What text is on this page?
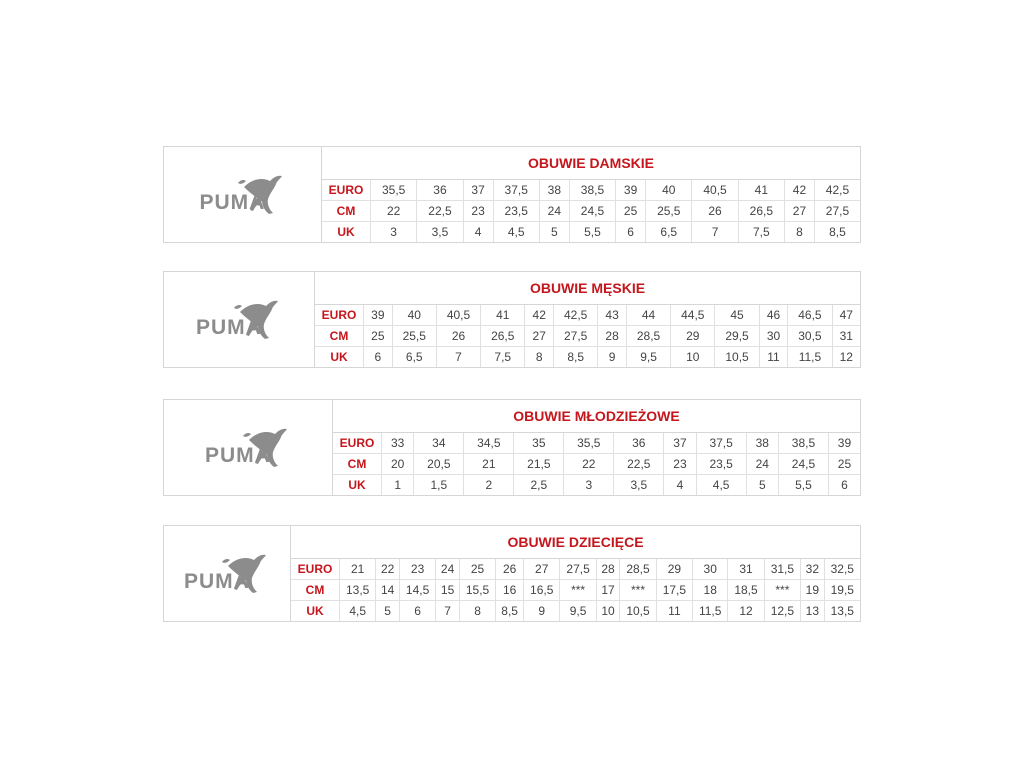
PUMA
OBUWIE DAMSKIE
EURO	35,5	36	37	37,5	38	38,5	39	40	40,5	41	42	42,5
CM	22	22,5	23	23,5	24	24,5	25	25,5	26	26,5	27	27,5
UK	3	3,5	4	4,5	5	5,5	6	6,5	7	7,5	8	8,5
PUMA
OBUWIE MĘSKIE
EURO	39	40	40,5	41	42	42,5	43	44	44,5	45	46	46,5	47
CM	25	25,5	26	26,5	27	27,5	28	28,5	29	29,5	30	30,5	31
UK	6	6,5	7	7,5	8	8,5	9	9,5	10	10,5	11	11,5	12
PUMA
OBUWIE MŁODZIEŻOWE
EURO	33	34	34,5	35	35,5	36	37	37,5	38	38,5	39
CM	20	20,5	21	21,5	22	22,5	23	23,5	24	24,5	25
UK	1	1,5	2	2,5	3	3,5	4	4,5	5	5,5	6
PUMA
OBUWIE DZIECIĘCE
EURO	21	22	23	24	25	26	27	27,5	28	28,5	29	30	31	31,5	32	32,5
CM	13,5	14	14,5	15	15,5	16	16,5	***	17	***	17,5	18	18,5	***	19	19,5
UK	4,5	5	6	7	8	8,5	9	9,5	10	10,5	11	11,5	12	12,5	13	13,5
